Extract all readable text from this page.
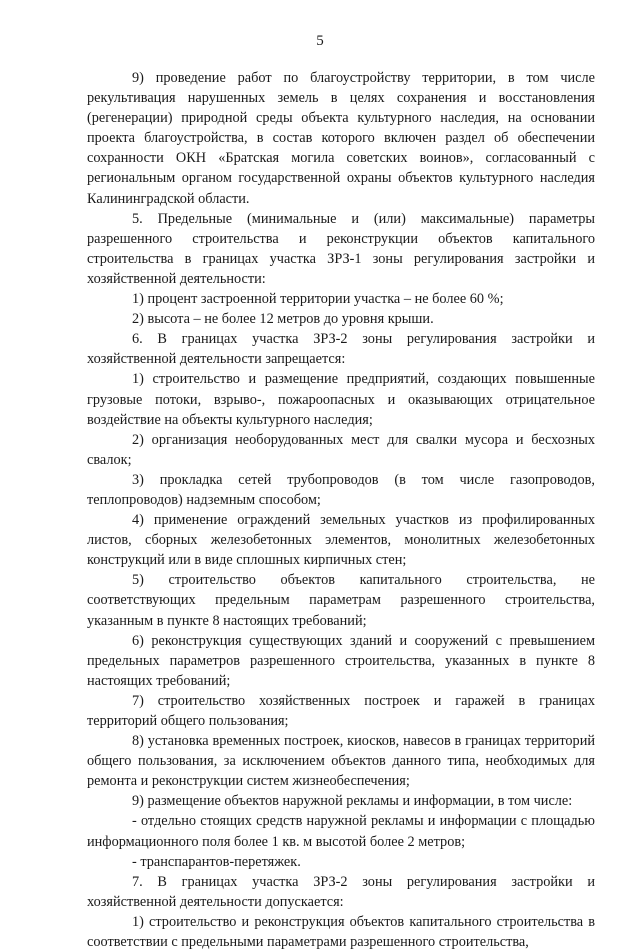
5

9) проведение работ по благоустройству территории, в том числе рекультивация нарушенных земель в целях сохранения и восстановления (регенерации) природной среды объекта культурного наследия, на основании проекта благоустройства, в состав которого включен раздел об обеспечении сохранности ОКН «Братская могила советских воинов», согласованный с региональным органом государственной охраны объектов культурного наследия Калининградской области.

5. Предельные (минимальные и (или) максимальные) параметры разрешенного строительства и реконструкции объектов капитального строительства в границах участка ЗРЗ-1 зоны регулирования застройки и хозяйственной деятельности:

1) процент застроенной территории участка – не более 60 %;

2) высота – не более 12 метров до уровня крыши.

6. В границах участка ЗРЗ-2 зоны регулирования застройки и хозяйственной деятельности запрещается:

1) строительство и размещение предприятий, создающих повышенные грузовые потоки, взрыво-, пожароопасных и оказывающих отрицательное воздействие на объекты культурного наследия;

2) организация необорудованных мест для свалки мусора и бесхозных свалок;

3) прокладка сетей трубопроводов (в том числе газопроводов, теплопроводов) надземным способом;

4) применение ограждений земельных участков из профилированных листов, сборных железобетонных элементов, монолитных железобетонных конструкций или в виде сплошных кирпичных стен;

5) строительство объектов капитального строительства, не соответствующих предельным параметрам разрешенного строительства, указанным в пункте 8 настоящих требований;

6) реконструкция существующих зданий и сооружений с превышением предельных параметров разрешенного строительства, указанных в пункте 8 настоящих требований;

7) строительство хозяйственных построек и гаражей в границах территорий общего пользования;

8) установка временных построек, киосков, навесов в границах территорий общего пользования, за исключением объектов данного типа, необходимых для ремонта и реконструкции систем жизнеобеспечения;

9) размещение объектов наружной рекламы и информации, в том числе:

- отдельно стоящих средств наружной рекламы и информации с площадью информационного поля более 1 кв. м высотой более 2 метров;

- транспарантов-перетяжек.

7. В границах участка ЗРЗ-2 зоны регулирования застройки и хозяйственной деятельности допускается:

1) строительство и реконструкция объектов капитального строительства в соответствии с предельными параметрами разрешенного строительства,
